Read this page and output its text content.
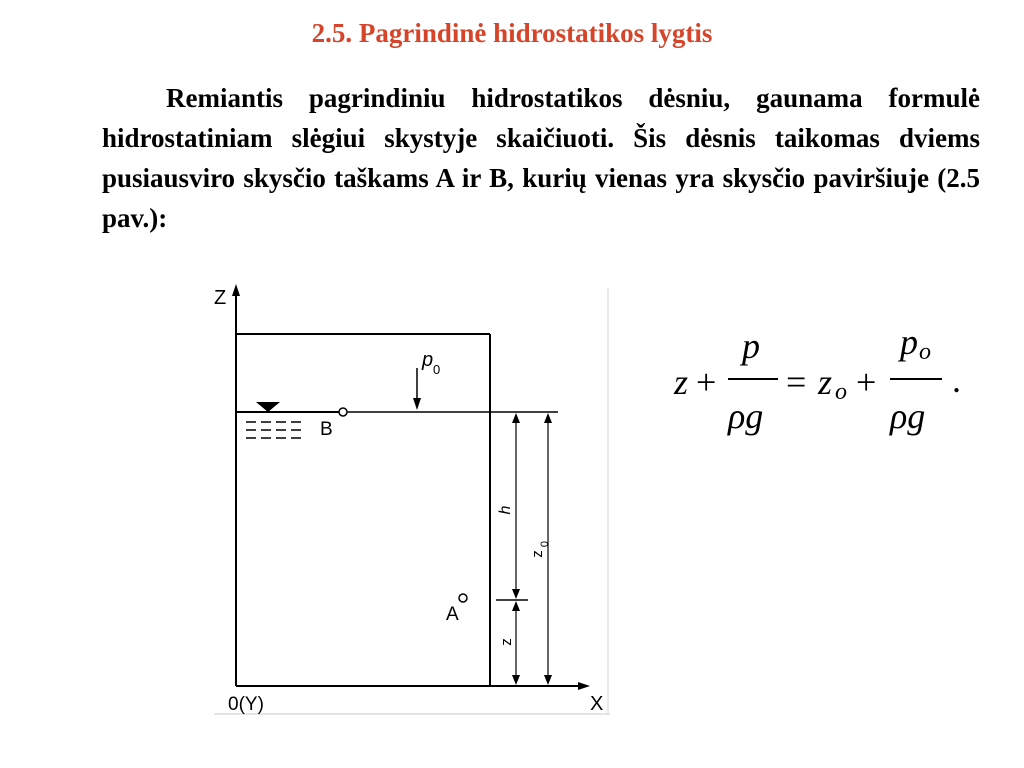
2.5. Pagrindinė hidrostatikos lygtis
Remiantis pagrindiniu hidrostatikos dėsniu, gaunama formulė hidrostatiniam slėgiui skystyje skaičiuoti. Šis dėsnis taikomas dviems pusiausviro skysčio taškams A ir B, kurių vienas yra skysčio paviršiuje (2.5 pav.):
Z
X
0(Y)
B
p 0
A
h
z
z
0
z +
p
ρg
= z o +
p o
ρg
.
